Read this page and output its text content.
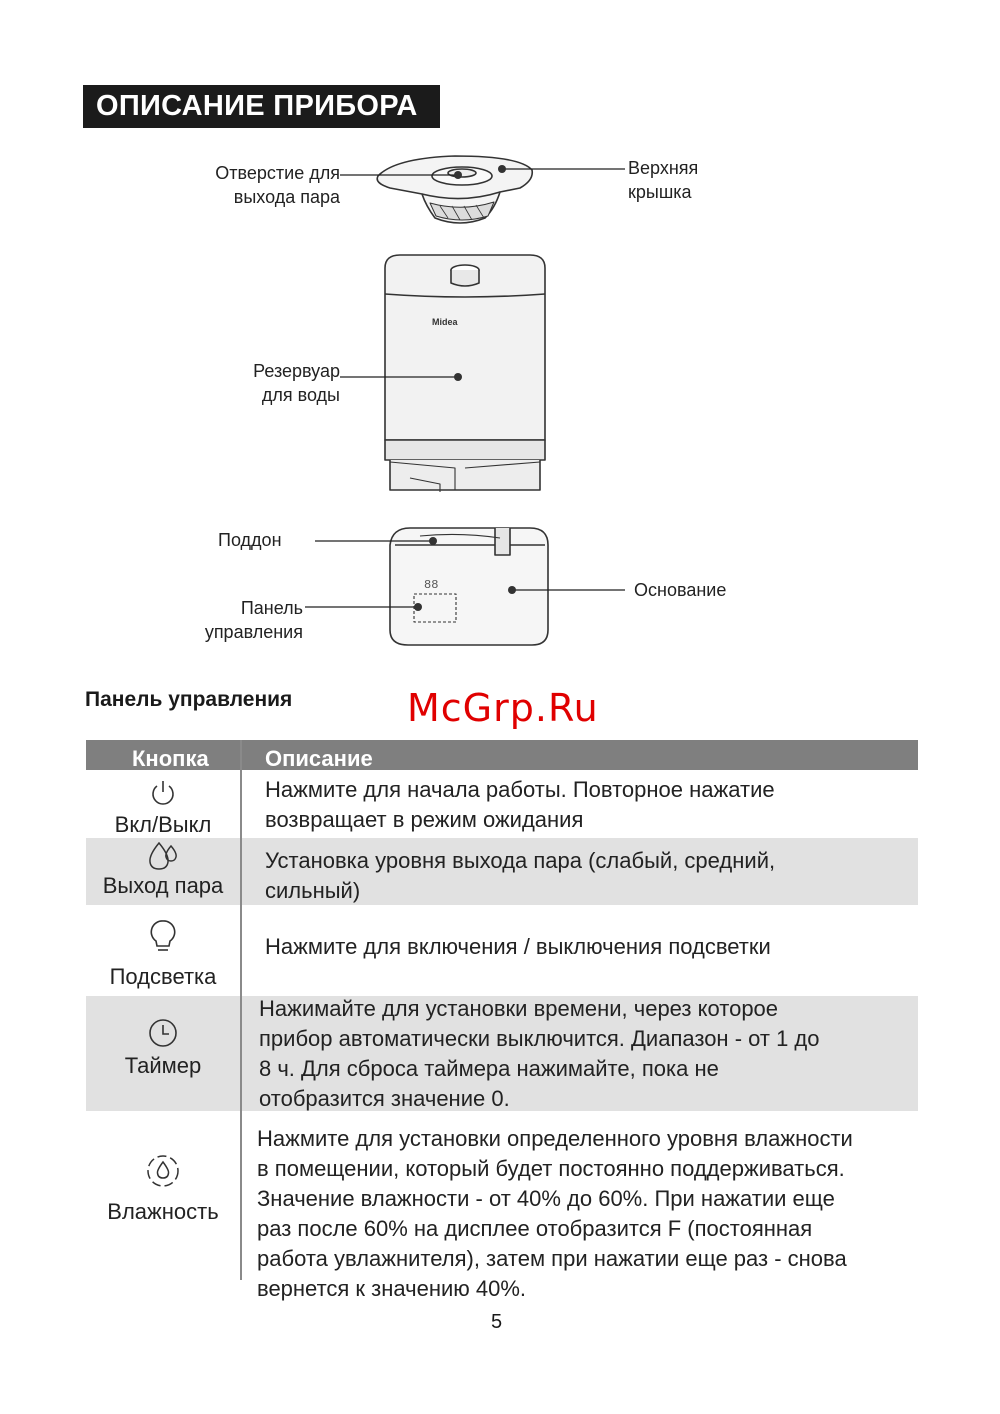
ОПИСАНИЕ ПРИБОРА
Midea
88
Отверстие для
выхода пара
Верхняя
крышка
Резервуар
для воды
Поддон
Основание
Панель
управления
Панель управления	McGrp.Ru
Кнопка	Описание
Вкл/Выкл
Нажмите для начала работы. Повторное нажатие
возвращает в режим ожидания
Выход пара
Установка уровня выхода пара (слабый, средний,
сильный)
Подсветка
Нажмите для включения / выключения подсветки
Таймер
Нажимайте для установки времени, через которое
прибор автоматически выключится. Диапазон - от 1 до
8 ч. Для сброса таймера нажимайте, пока не
отобразится значение 0.
Влажность
Нажмите для установки определенного уровня влажности
в помещении, который будет постоянно поддерживаться.
Значение влажности - от 40% до 60%. При нажатии еще
раз после 60% на дисплее отобразится F (постоянная
работа увлажнителя), затем при нажатии еще раз - снова
вернется к значению 40%.
5
